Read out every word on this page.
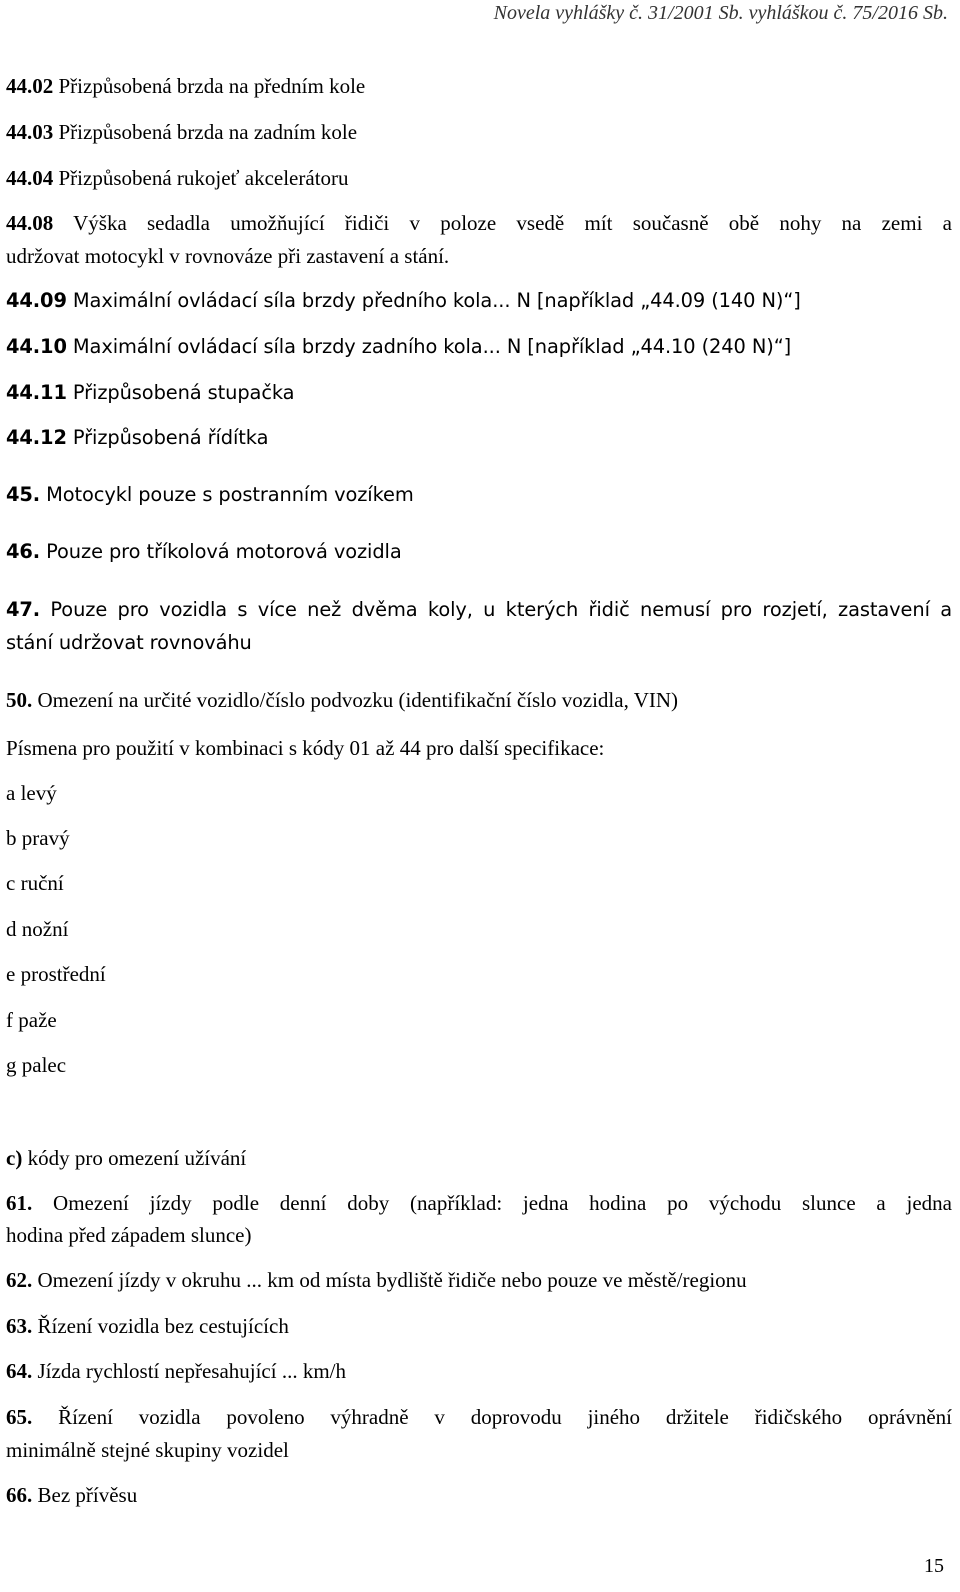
Novela vyhlášky č. 31/2001 Sb. vyhláškou č. 75/2016 Sb.
44.02 Přizpůsobená brzda na předním kole
44.03 Přizpůsobená brzda na zadním kole
44.04 Přizpůsobená rukojeť akcelerátoru
44.08 Výška sedadla umožňující řidiči v poloze vsedě mít současně obě nohy na zemi a
udržovat motocykl v rovnováze při zastavení a stání.
44.09 Maximální ovládací síla brzdy předního kola... N [například „44.09 (140 N)“]
44.10 Maximální ovládací síla brzdy zadního kola... N [například „44.10 (240 N)“]
44.11 Přizpůsobená stupačka
44.12 Přizpůsobená řídítka
45. Motocykl pouze s postranním vozíkem
46. Pouze pro tříkolová motorová vozidla
47. Pouze pro vozidla s více než dvěma koly, u kterých řidič nemusí pro rozjetí, zastavení a
stání udržovat rovnováhu
50. Omezení na určité vozidlo/číslo podvozku (identifikační číslo vozidla, VIN)
Písmena pro použití v kombinaci s kódy 01 až 44 pro další specifikace:
a levý
b pravý
c ruční
d nožní
e prostřední
f paže
g palec
c) kódy pro omezení užívání
61. Omezení jízdy podle denní doby (například: jedna hodina po východu slunce a jedna
hodina před západem slunce)
62. Omezení jízdy v okruhu ... km od místa bydliště řidiče nebo pouze ve městě/regionu
63. Řízení vozidla bez cestujících
64. Jízda rychlostí nepřesahující ... km/h
65. Řízení vozidla povoleno výhradně v doprovodu jiného držitele řidičského oprávnění
minimálně stejné skupiny vozidel
66. Bez přívěsu
15
